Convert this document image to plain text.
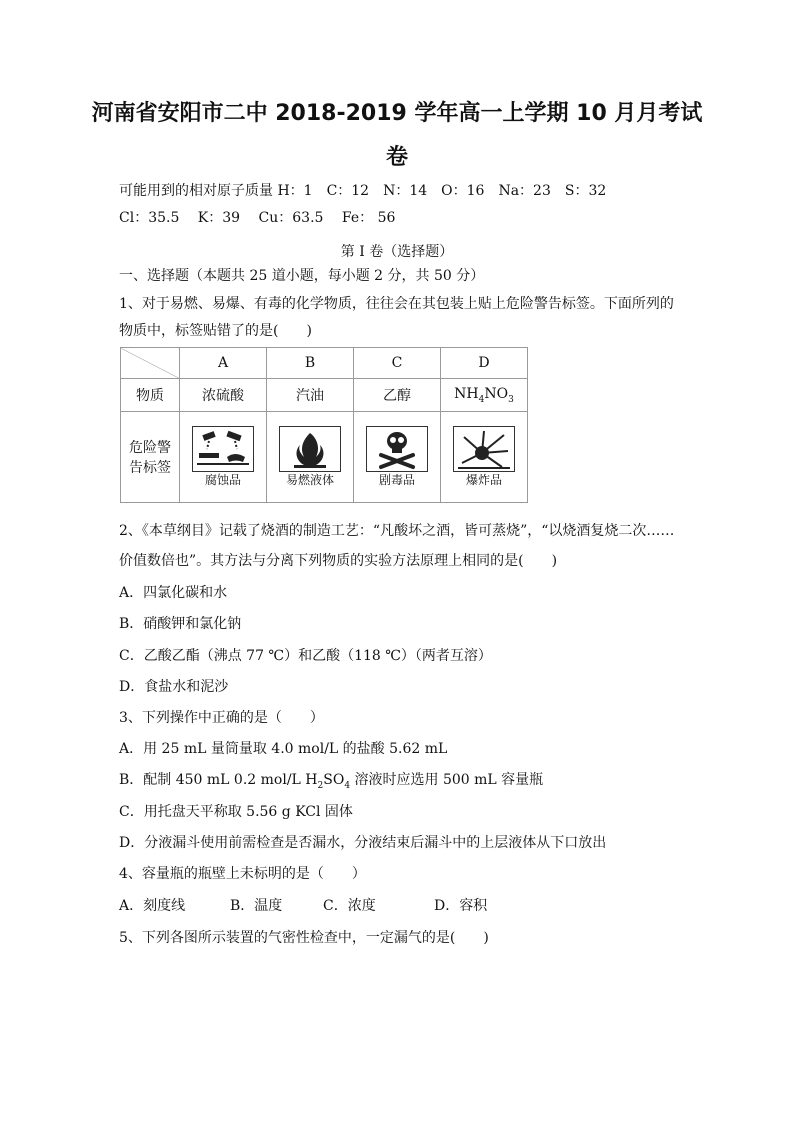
河南省安阳市二中 2018-2019 学年高一上学期 10 月月考试
卷
可能用到的相对原子质量 H：1　C：12　N：14　O：16　Na：23　S：32
Cl：35.5　 K：39　 Cu：63.5　 Fe： 56
第 I 卷（选择题）
一、选择题（本题共 25 道小题，每小题 2 分，共 50 分）
1、对于易燃、易爆、有毒的化学物质，往往会在其包装上贴上危险警告标签。下面所列的
物质中，标签贴错了的是(　　)
	A	B	C	D
物质	浓硫酸	汽油	乙醇	$NH_4NO_3$

危险警
告标签	腐蚀品	易燃液体	剧毒品	爆炸品
2、《本草纲目》记载了烧酒的制造工艺：“凡酸坏之酒，皆可蒸烧”，“以烧酒复烧二次……
价值数倍也”。其方法与分离下列物质的实验方法原理上相同的是(　　)
A．四氯化碳和水
B．硝酸钾和氯化钠
C．乙酸乙酯（沸点 77 ℃）和乙酸（118 ℃）（两者互溶）
D．食盐水和泥沙
3、下列操作中正确的是（　　）
A．用 25 mL 量筒量取 4.0 mol/L 的盐酸 5.62 mL
B．配制 450 mL 0.2 mol/L $H_2SO_4$ 溶液时应选用 500 mL 容量瓶
C．用托盘天平称取 5.56 g KCl 固体
D．分液漏斗使用前需检查是否漏水，分液结束后漏斗中的上层液体从下口放出
4、容量瓶的瓶壁上未标明的是（　　）
A．刻度线	B．温度	C．浓度	D．容积
5、下列各图所示装置的气密性检查中，一定漏气的是(　　)
